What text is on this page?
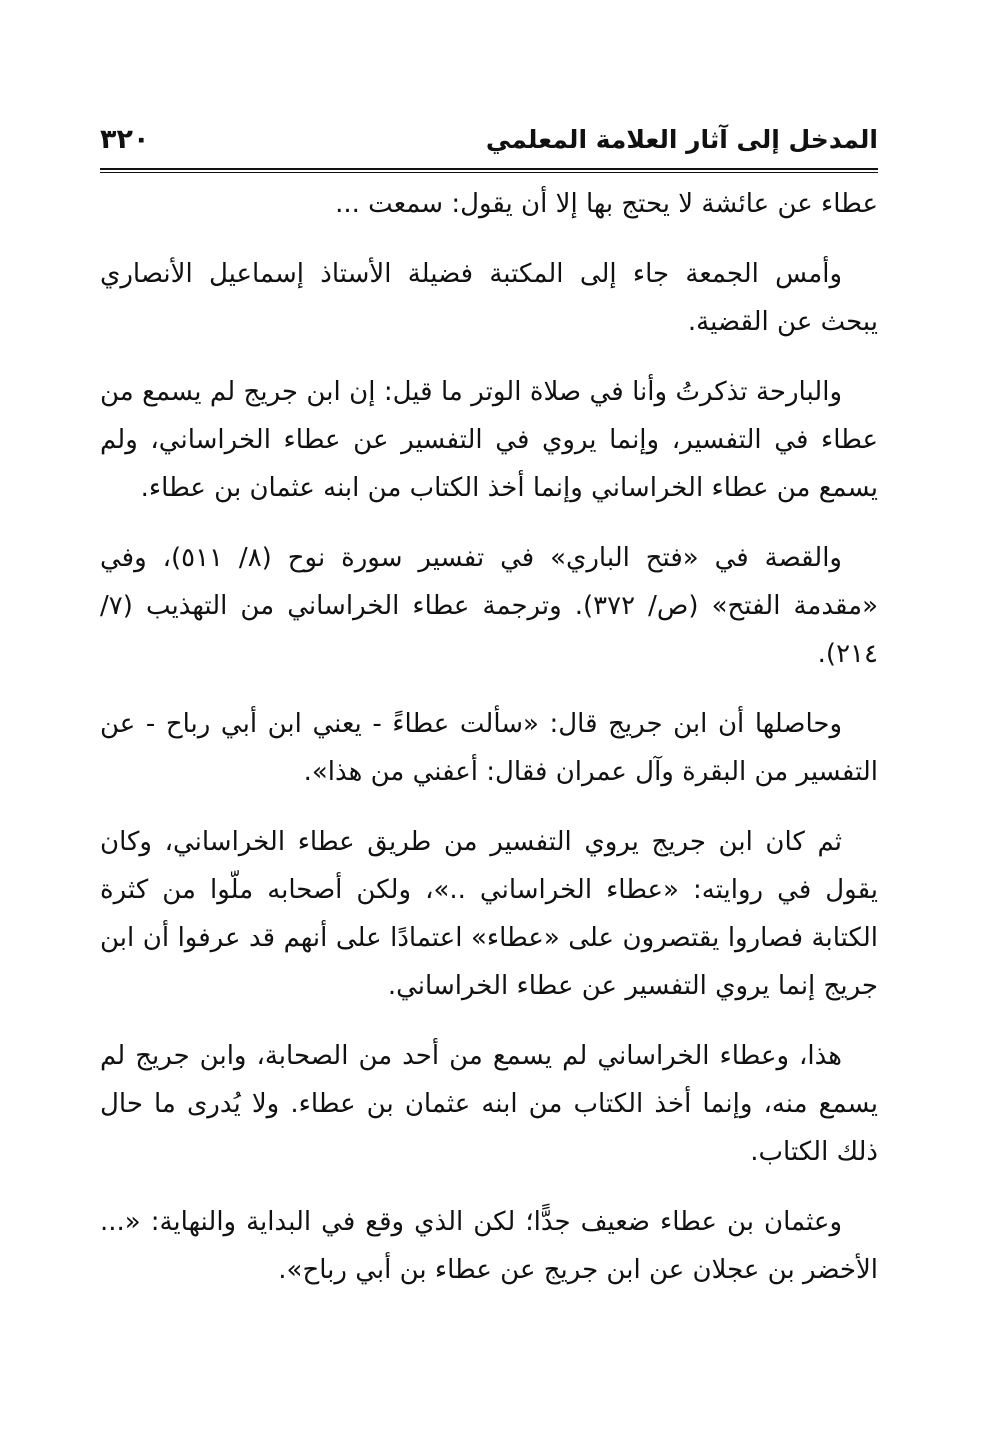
المدخل إلى آثار العلامة المعلمي
٣٢٠

عطاء عن عائشة لا يحتج بها إلا أن يقول: سمعت ...

وأمس الجمعة جاء إلى المكتبة فضيلة الأستاذ إسماعيل الأنصاري يبحث عن القضية.

والبارحة تذكرتُ وأنا في صلاة الوتر ما قيل: إن ابن جريج لم يسمع من عطاء في التفسير، وإنما يروي في التفسير عن عطاء الخراساني، ولم يسمع من عطاء الخراساني وإنما أخذ الكتاب من ابنه عثمان بن عطاء.

والقصة في «فتح الباري» في تفسير سورة نوح (٨/ ٥١١)، وفي «مقدمة الفتح» (ص/ ٣٧٢). وترجمة عطاء الخراساني من التهذيب (٧/ ٢١٤).

وحاصلها أن ابن جريج قال: «سألت عطاءً - يعني ابن أبي رباح - عن التفسير من البقرة وآل عمران فقال: أعفني من هذا».

ثم كان ابن جريج يروي التفسير من طريق عطاء الخراساني، وكان يقول في روايته: «عطاء الخراساني ..»، ولكن أصحابه ملّوا من كثرة الكتابة فصاروا يقتصرون على «عطاء» اعتمادًا على أنهم قد عرفوا أن ابن جريج إنما يروي التفسير عن عطاء الخراساني.

هذا، وعطاء الخراساني لم يسمع من أحد من الصحابة، وابن جريج لم يسمع منه، وإنما أخذ الكتاب من ابنه عثمان بن عطاء. ولا يُدرى ما حال ذلك الكتاب.

وعثمان بن عطاء ضعيف جدًّا؛ لكن الذي وقع في البداية والنهاية: «... الأخضر بن عجلان عن ابن جريج عن عطاء بن أبي رباح».
